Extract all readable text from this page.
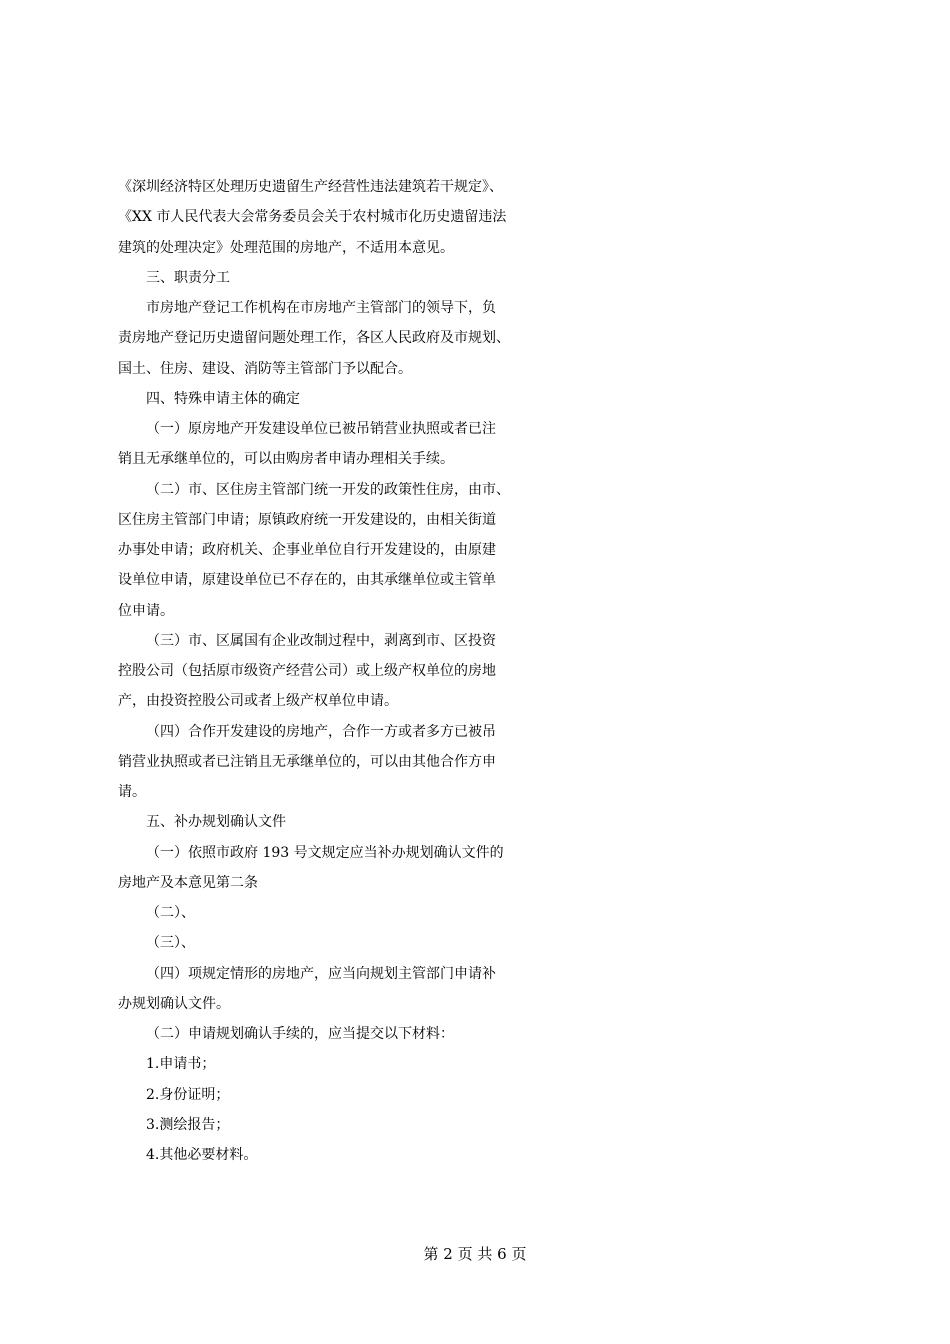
《深圳经济特区处理历史遗留生产经营性违法建筑若干规定》、
《XX 市人民代表大会常务委员会关于农村城市化历史遗留违法
建筑的处理决定》处理范围的房地产，不适用本意见。
三、职责分工
市房地产登记工作机构在市房地产主管部门的领导下，负
责房地产登记历史遗留问题处理工作，各区人民政府及市规划、
国土、住房、建设、消防等主管部门予以配合。
四、特殊申请主体的确定
（一）原房地产开发建设单位已被吊销营业执照或者已注
销且无承继单位的，可以由购房者申请办理相关手续。
（二）市、区住房主管部门统一开发的政策性住房，由市、
区住房主管部门申请；原镇政府统一开发建设的，由相关街道
办事处申请；政府机关、企事业单位自行开发建设的，由原建
设单位申请，原建设单位已不存在的，由其承继单位或主管单
位申请。
（三）市、区属国有企业改制过程中，剥离到市、区投资
控股公司（包括原市级资产经营公司）或上级产权单位的房地
产，由投资控股公司或者上级产权单位申请。
（四）合作开发建设的房地产，合作一方或者多方已被吊
销营业执照或者已注销且无承继单位的，可以由其他合作方申
请。
五、补办规划确认文件
（一）依照市政府 193 号文规定应当补办规划确认文件的
房地产及本意见第二条
（二）、
（三）、
（四）项规定情形的房地产，应当向规划主管部门申请补
办规划确认文件。
（二）申请规划确认手续的，应当提交以下材料：
1.申请书；
2.身份证明；
3.测绘报告；
4.其他必要材料。
第 2 页 共 6 页
